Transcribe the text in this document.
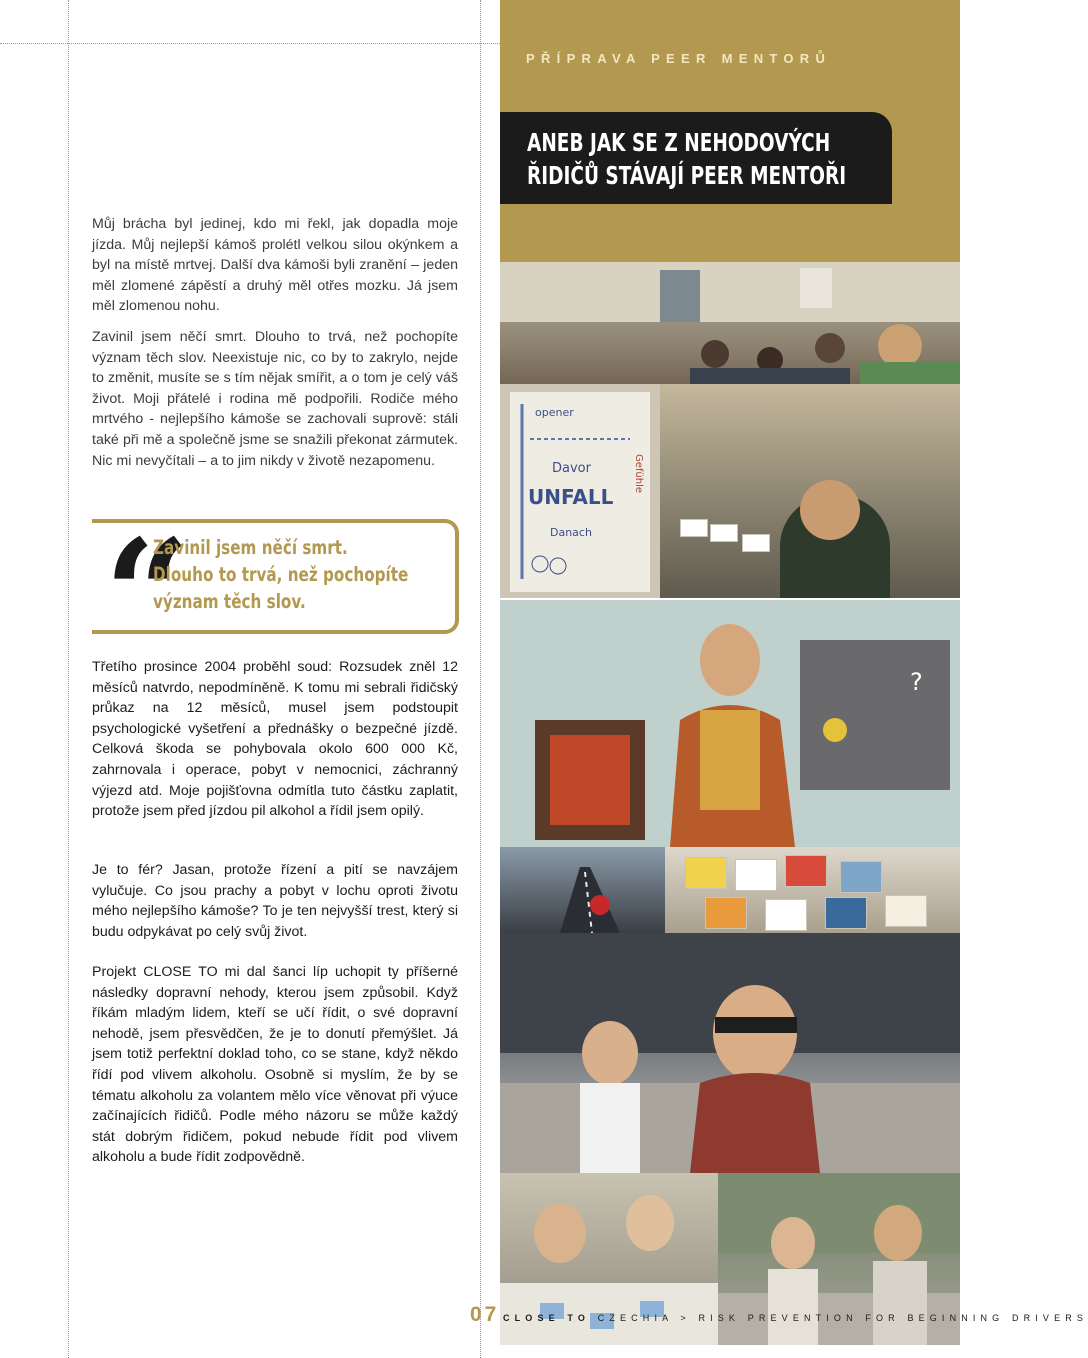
PŘÍPRAVA PEER MENTORŮ

ANEB JAK SE Z NEHODOVÝCH
ŘIDIČŮ STÁVAJÍ PEER MENTOŘI

Můj brácha byl jedinej, kdo mi řekl, jak dopadla moje jízda. Můj nejlepší kámoš prolétl velkou silou okýnkem a byl na místě mrtvej. Další dva kámoši byli zranění – jeden měl zlomené zápěstí a druhý měl otřes mozku. Já jsem měl zlomenou nohu.

Zavinil jsem něčí smrt. Dlouho to trvá, než pochopíte význam těch slov. Neexistuje nic, co by to zakrylo, nejde to změnit, musíte se s tím nějak smířit, a o tom je celý váš život. Moji přátelé i rodina mě podpořili. Rodiče mého mrtvého - nejlepšího kámoše se zachovali suprově: stáli také při mě a společně jsme se snažili překonat zármutek. Nic mi nevyčítali – a to jim nikdy v životě nezapomenu.

“

Zavinil jsem něčí smrt.
Dlouho to trvá, než pochopíte
význam těch slov.

Třetího prosince 2004 proběhl soud: Rozsudek zněl 12 měsíců natvrdo, nepodmíněně. K tomu mi sebrali řidičský průkaz na 12 měsíců, musel jsem podstoupit psychologické vyšetření a přednášky o bezpečné jízdě. Celková škoda se pohybovala okolo 600 000 Kč, zahrnovala i operace, pobyt v nemocnici, záchranný výjezd atd. Moje pojišťovna odmítla tuto částku zaplatit, protože jsem před jízdou pil alkohol a řídil jsem opilý.

Je to fér? Jasan, protože řízení a pití se navzájem vylučuje. Co jsou prachy a pobyt v lochu oproti životu mého nejlepšího kámoše? To je ten nejvyšší trest, který si budu odpykávat po celý svůj život.

Projekt CLOSE TO mi dal šanci líp uchopit ty příšerné následky dopravní nehody, kterou jsem způsobil. Když říkám mladým lidem, kteří se učí řídit, o své dopravní nehodě, jsem přesvědčen, že je to donutí přemýšlet. Já jsem totiž perfektní doklad toho, co se stane, když někdo řídí pod vlivem alkoholu. Osobně si myslím, že by se tématu alkoholu za volantem mělo více věnovat při výuce začínajících řidičů. Podle mého názoru se může každý stát dobrým řidičem, pokud nebude řídit pod vlivem alkoholu a bude řídit zodpovědně.

opener
Davor
UNFALL
Danach
Gefühle
?

07 CLOSE TO CZECHIA > RISK PREVENTION FOR BEGINNING DRIVERS
